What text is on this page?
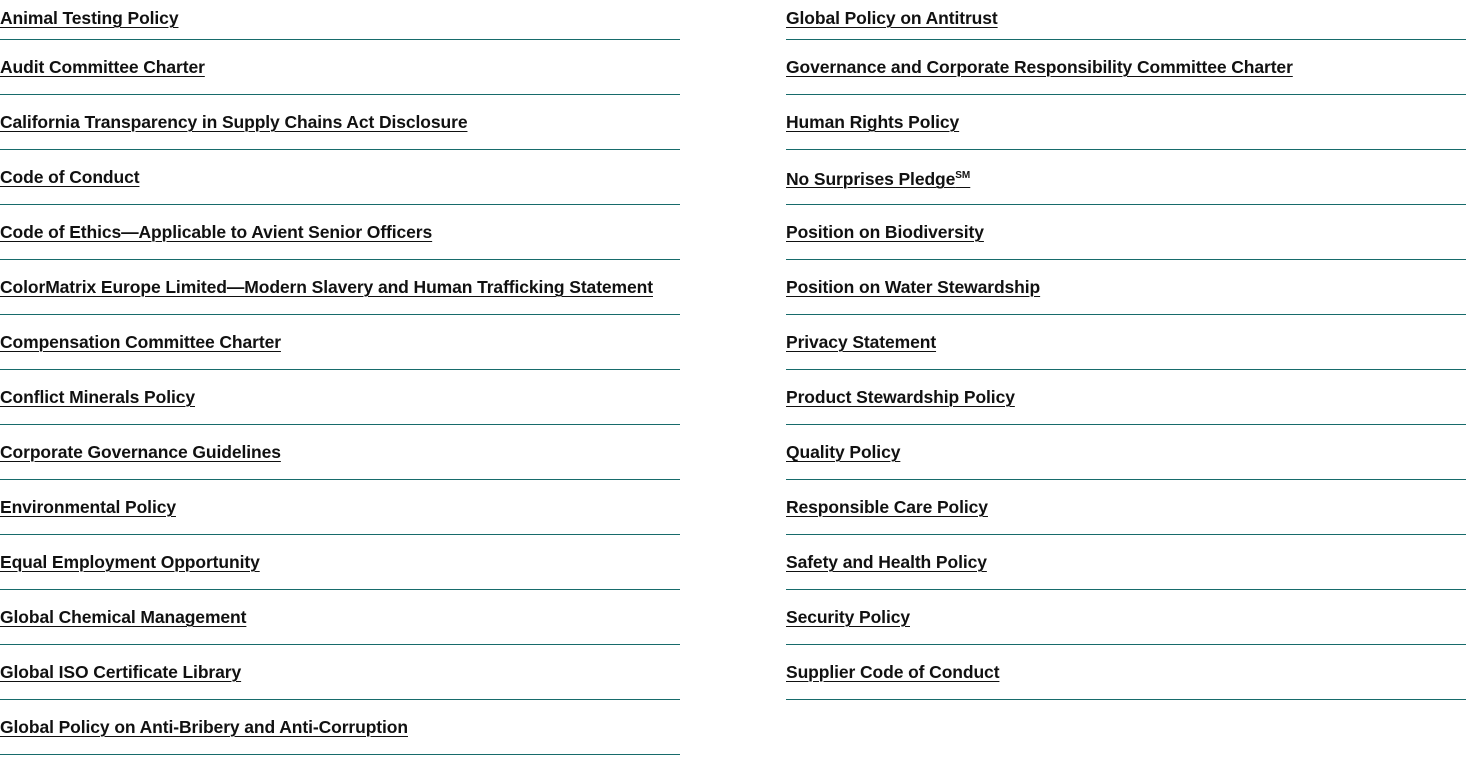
Animal Testing Policy
Audit Committee Charter
California Transparency in Supply Chains Act Disclosure
Code of Conduct
Code of Ethics—Applicable to Avient Senior Officers
ColorMatrix Europe Limited—Modern Slavery and Human Trafficking Statement
Compensation Committee Charter
Conflict Minerals Policy
Corporate Governance Guidelines
Environmental Policy
Equal Employment Opportunity
Global Chemical Management
Global ISO Certificate Library
Global Policy on Anti-Bribery and Anti-Corruption
Global Policy on Antitrust
Governance and Corporate Responsibility Committee Charter
Human Rights Policy
No Surprises Pledge℠
Position on Biodiversity
Position on Water Stewardship
Privacy Statement
Product Stewardship Policy
Quality Policy
Responsible Care Policy
Safety and Health Policy
Security Policy
Supplier Code of Conduct
